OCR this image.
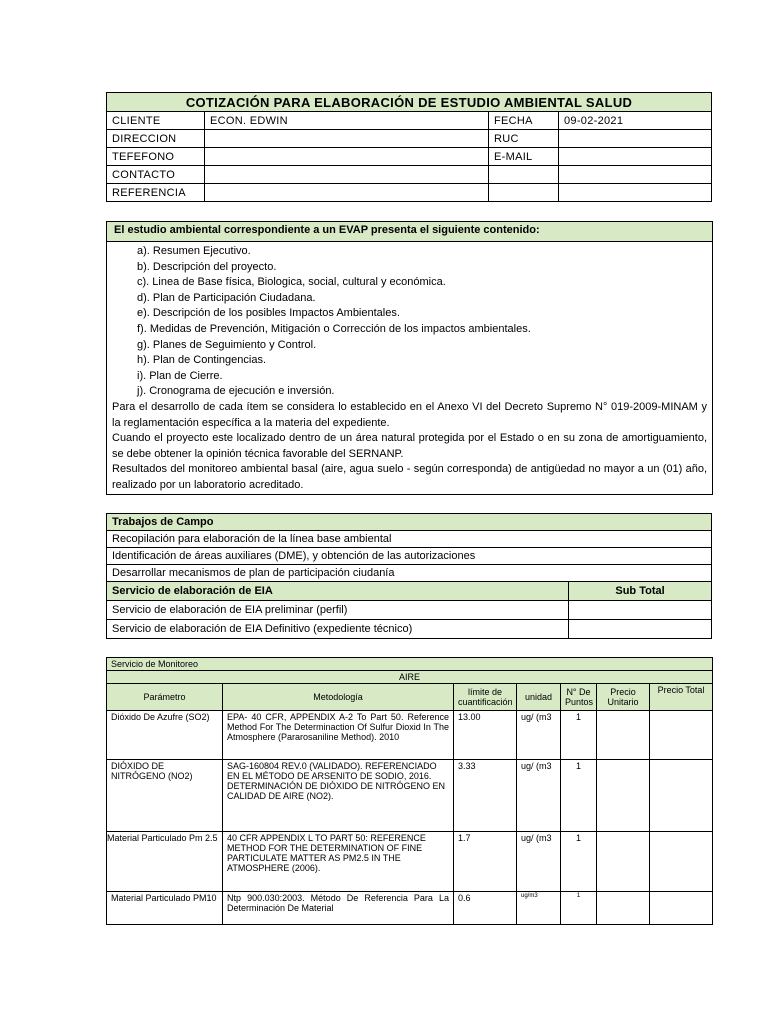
COTIZACIÓN PARA ELABORACIÓN DE ESTUDIO AMBIENTAL SALUD			
CLIENTE	ECON. EDWIN	FECHA	09-02-2021
DIRECCION		RUC	
TEFEFONO		E-MAIL	
CONTACTO			
REFERENCIA			
El estudio ambiental correspondiente a un EVAP presenta el siguiente contenido:
a). Resumen Ejecutivo.
b). Descripción del proyecto.
c). Linea de Base física, Biologica, social, cultural y económica.
d). Plan de Participación Ciudadana.
e). Descripción de los posibles Impactos Ambientales.
f). Medidas de Prevención, Mitigación o Corrección de los impactos ambientales.
g). Planes de Seguimiento y Control.
h). Plan de Contingencias.
i). Plan de Cierre.
j). Cronograma de ejecución e inversión.
Para el desarrollo de cada ítem se considera lo establecido en el Anexo VI del Decreto Supremo N° 019-2009-MINAM y la reglamentación específica a la materia del expediente.
Cuando el proyecto este localizado dentro de un área natural protegida por el Estado o en su zona de amortiguamiento, se debe obtener la opinión técnica favorable del SERNANP.
Resultados del monitoreo ambiental basal (aire, agua suelo - según corresponda) de antigüedad no mayor a un (01) año, realizado por un laboratorio acreditado.
Trabajos de Campo	
Recopilación para elaboración de la línea base ambiental	
Identificación de áreas auxiliares (DME), y obtención de las autorizaciones	
Desarrollar mecanismos de plan de participación ciudanía	
Servicio de elaboración de EIA	Sub Total
Servicio de elaboración de EIA preliminar (perfil)	
Servicio de elaboración de EIA Definitivo (expediente técnico)	
Servicio de Monitoreo						
AIRE						
Parámetro	Metodología	límite de cuantificación	unidad	N° De Puntos	Precio Unitario	Precio Total
Dióxido De Azufre (SO2)	EPA- 40 CFR, APPENDIX A-2 To Part 50. Reference Method For The Determinaction Of Sulfur Dioxid In The Atmosphere (Pararosaniline Method). 2010	13.00	ug/ (m3	1		
DIÓXIDO DE NITRÓGENO (NO2)	SAG-160804 REV.0 (VALIDADO). REFERENCIADO EN EL MÉTODO DE ARSENITO DE SODIO, 2016. DETERMINACIÓN DE DIÓXIDO DE NITRÓGENO EN CALIDAD DE AIRE (NO2).	3.33	ug/ (m3	1		
Material Particulado Pm 2.5	40 CFR APPENDIX L TO PART 50: REFERENCE METHOD FOR THE DETERMINATION OF FINE PARTICULATE MATTER AS PM2.5 IN THE ATMOSPHERE (2006).	1.7	ug/ (m3	1		
Material Particulado PM10	Ntp 900.030:2003. Método De Referencia Para La Determinación De Material	0.6	ug/m3	1		
